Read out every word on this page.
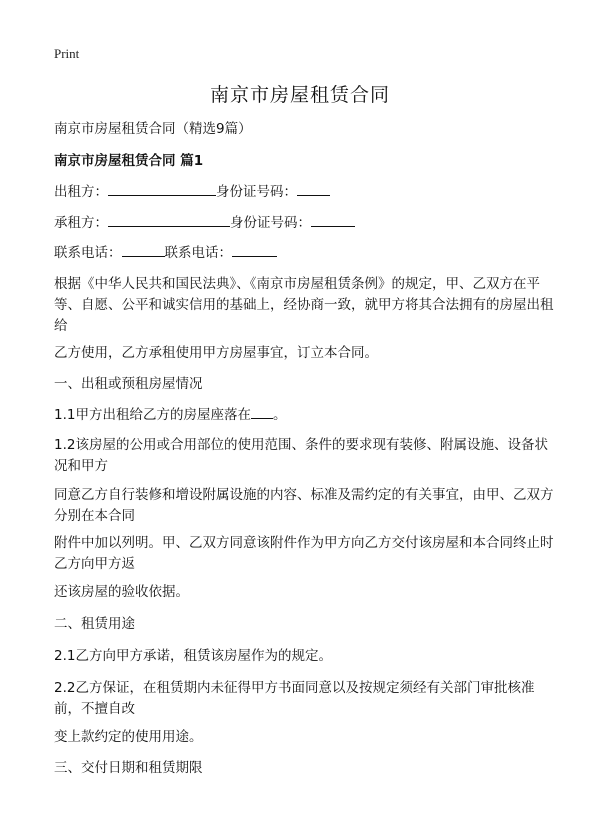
Print
南京市房屋租赁合同

南京市房屋租赁合同（精选9篇）

南京市房屋租赁合同 篇1

出租方：	身份证号码：

承租方：	身份证号码：

联系电话：	联系电话：

根据《中华人民共和国民法典》、《南京市房屋租赁条例》的规定，甲、乙双方在平等、自愿、公平和诚实信用的基础上，经协商一致，就甲方将其合法拥有的房屋出租给

乙方使用，乙方承租使用甲方房屋事宜，订立本合同。

一、出租或预租房屋情况

1.1甲方出租给乙方的房屋座落在 。

1.2该房屋的公用或合用部位的使用范围、条件的要求现有装修、附属设施、设备状况和甲方

同意乙方自行装修和增设附属设施的内容、标准及需约定的有关事宜，由甲、乙双方分别在本合同

附件中加以列明。甲、乙双方同意该附件作为甲方向乙方交付该房屋和本合同终止时乙方向甲方返

还该房屋的验收依据。

二、租赁用途

2.1乙方向甲方承诺，租赁该房屋作为的规定。

2.2乙方保证，在租赁期内未征得甲方书面同意以及按规定须经有关部门审批核准前，不擅自改

变上款约定的使用用途。

三、交付日期和租赁期限
